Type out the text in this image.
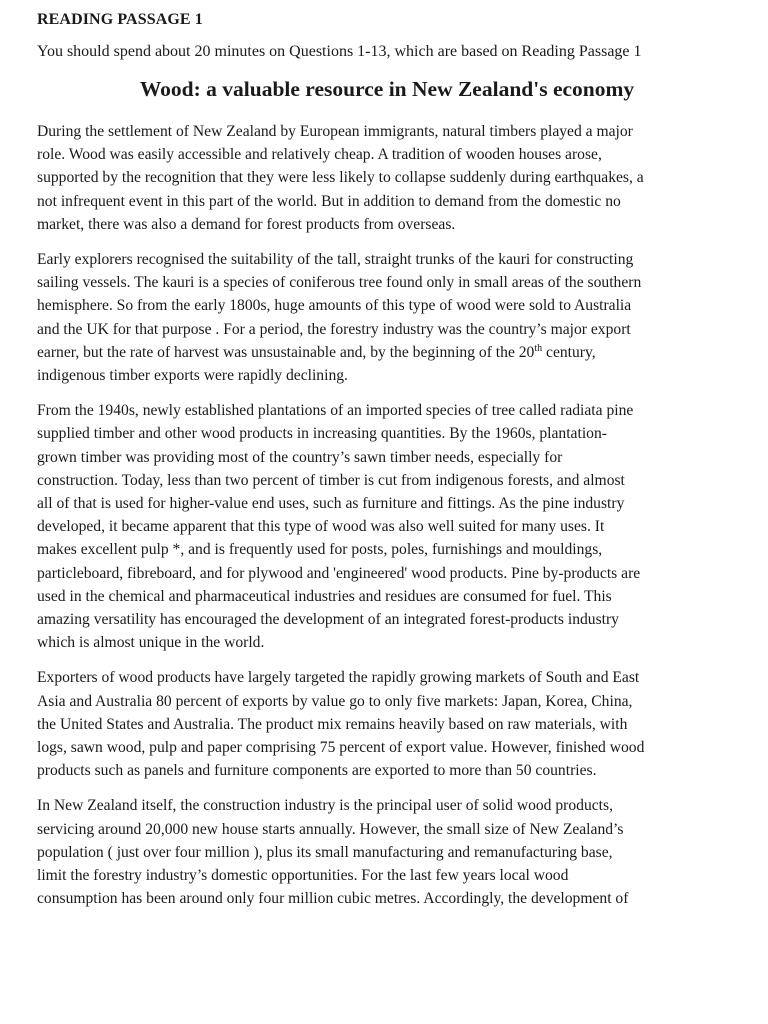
READING PASSAGE 1
You should spend about 20 minutes on Questions 1-13, which are based on Reading Passage 1
Wood: a valuable resource in New Zealand's economy
During the settlement of New Zealand by European immigrants, natural timbers played a major
role. Wood was easily accessible and relatively cheap. A tradition of wooden houses arose,
supported by the recognition that they were less likely to collapse suddenly during earthquakes, a
not infrequent event in this part of the world. But in addition to demand from the domestic no
market, there was also a demand for forest products from overseas.
Early explorers recognised the suitability of the tall, straight trunks of the kauri for constructing
sailing vessels. The kauri is a species of coniferous tree found only in small areas of the southern
hemisphere. So from the early 1800s, huge amounts of this type of wood were sold to Australia
and the UK for that purpose . For a period, the forestry industry was the country’s major export
earner, but the rate of harvest was unsustainable and, by the beginning of the 20th century,
indigenous timber exports were rapidly declining.
From the 1940s, newly established plantations of an imported species of tree called radiata pine
supplied timber and other wood products in increasing quantities. By the 1960s, plantation-
grown timber was providing most of the country’s sawn timber needs, especially for
construction. Today, less than two percent of timber is cut from indigenous forests, and almost
all of that is used for higher-value end uses, such as furniture and fittings. As the pine industry
developed, it became apparent that this type of wood was also well suited for many uses. It
makes excellent pulp *, and is frequently used for posts, poles, furnishings and mouldings,
particleboard, fibreboard, and for plywood and 'engineered' wood products. Pine by-products are
used in the chemical and pharmaceutical industries and residues are consumed for fuel. This
amazing versatility has encouraged the development of an integrated forest-products industry
which is almost unique in the world.
Exporters of wood products have largely targeted the rapidly growing markets of South and East
Asia and Australia 80 percent of exports by value go to only five markets: Japan, Korea, China,
the United States and Australia. The product mix remains heavily based on raw materials, with
logs, sawn wood, pulp and paper comprising 75 percent of export value. However, finished wood
products such as panels and furniture components are exported to more than 50 countries.
In New Zealand itself, the construction industry is the principal user of solid wood products,
servicing around 20,000 new house starts annually. However, the small size of New Zealand’s
population ( just over four million ), plus its small manufacturing and remanufacturing base,
limit the forestry industry’s domestic opportunities. For the last few years local wood
consumption has been around only four million cubic metres. Accordingly, the development of
